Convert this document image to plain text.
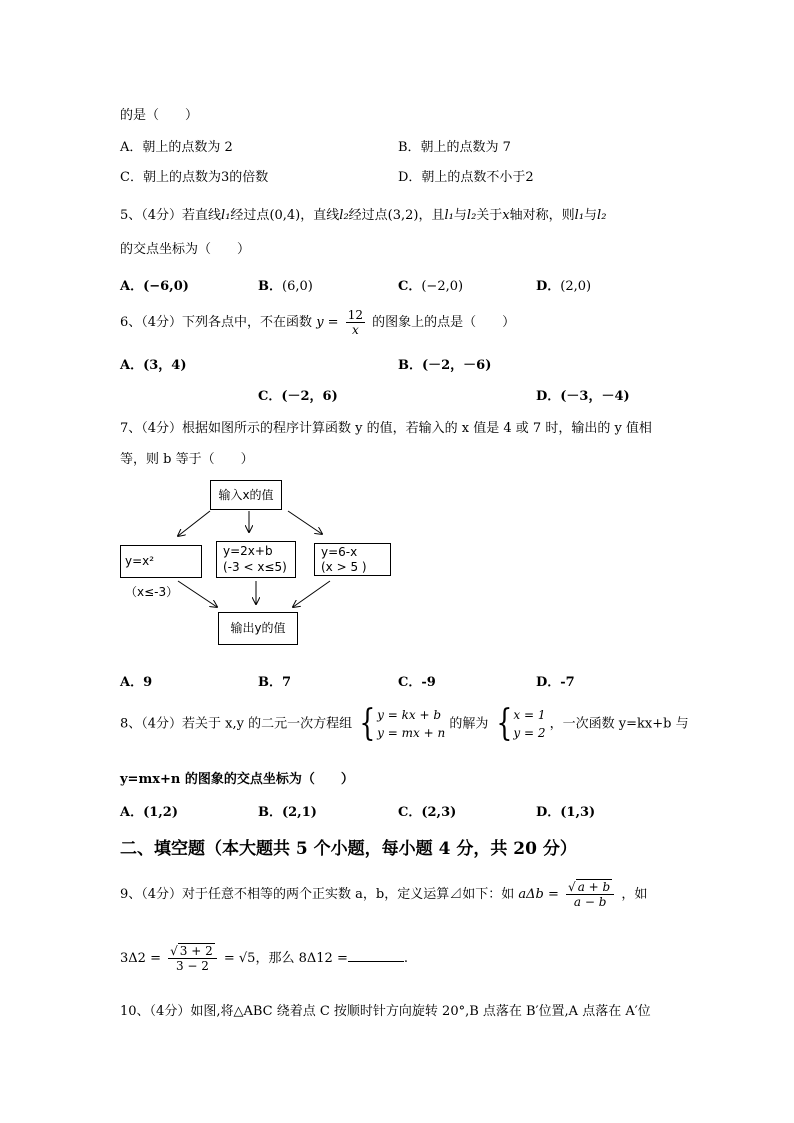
的是（　　）
A．朝上的点数为 2	B．朝上的点数为 7
C．朝上的点数为3的倍数	D．朝上的点数不小于2
5、（4分）若直线l₁经过点(0,4)，直线l₂经过点(3,2)，且l₁与l₂关于x轴对称，则l₁与l₂
的交点坐标为（　　）
A．(−6,0)	B．(6,0)	C．(−2,0)	D．(2,0)
6、（4分）下列各点中，不在函数 $y = \frac{12}{x}$ 的图象上的点是（　　）
A．(3，4)	B．(－2，－6)
C．(－2，6)	D．(－3，－4)
7、（4分）根据如图所示的程序计算函数 y 的值，若输入的 x 值是 4 或 7 时，输出的 y 值相
等，则 b 等于（　　）
输入x的值
y=x²（x≤-3）
y=2x+b
(-3 < x≤5)
y=6-x
(x > 5 )
输出y的值
A．9	B．7	C．-9	D．-7
8、（4分）若关于 x,y 的二元一次方程组 { y = kx + b
y = mx + n
的解为 { x = 1
y = 2
，一次函数 y=kx+b 与
y=mx+n 的图象的交点坐标为（　　）
A．(1,2)	B．(2,1)	C．(2,3)	D．(1,3)
二、填空题（本大题共 5 个小题，每小题 4 分，共 20 分）
9、（4分）对于任意不相等的两个正实数 a，b，定义运算⊿如下：如 $a\Delta b = \frac{√ a + b}{a - b}$ ，如
$3\Delta 2 = \frac{√ 3 + 2}{3 - 2} = √5$，那么 8Δ12 =	.
10、（4分）如图,将△ABC 绕着点 C 按顺时针方向旋转 20°,B 点落在 B′位置,A 点落在 A′位
